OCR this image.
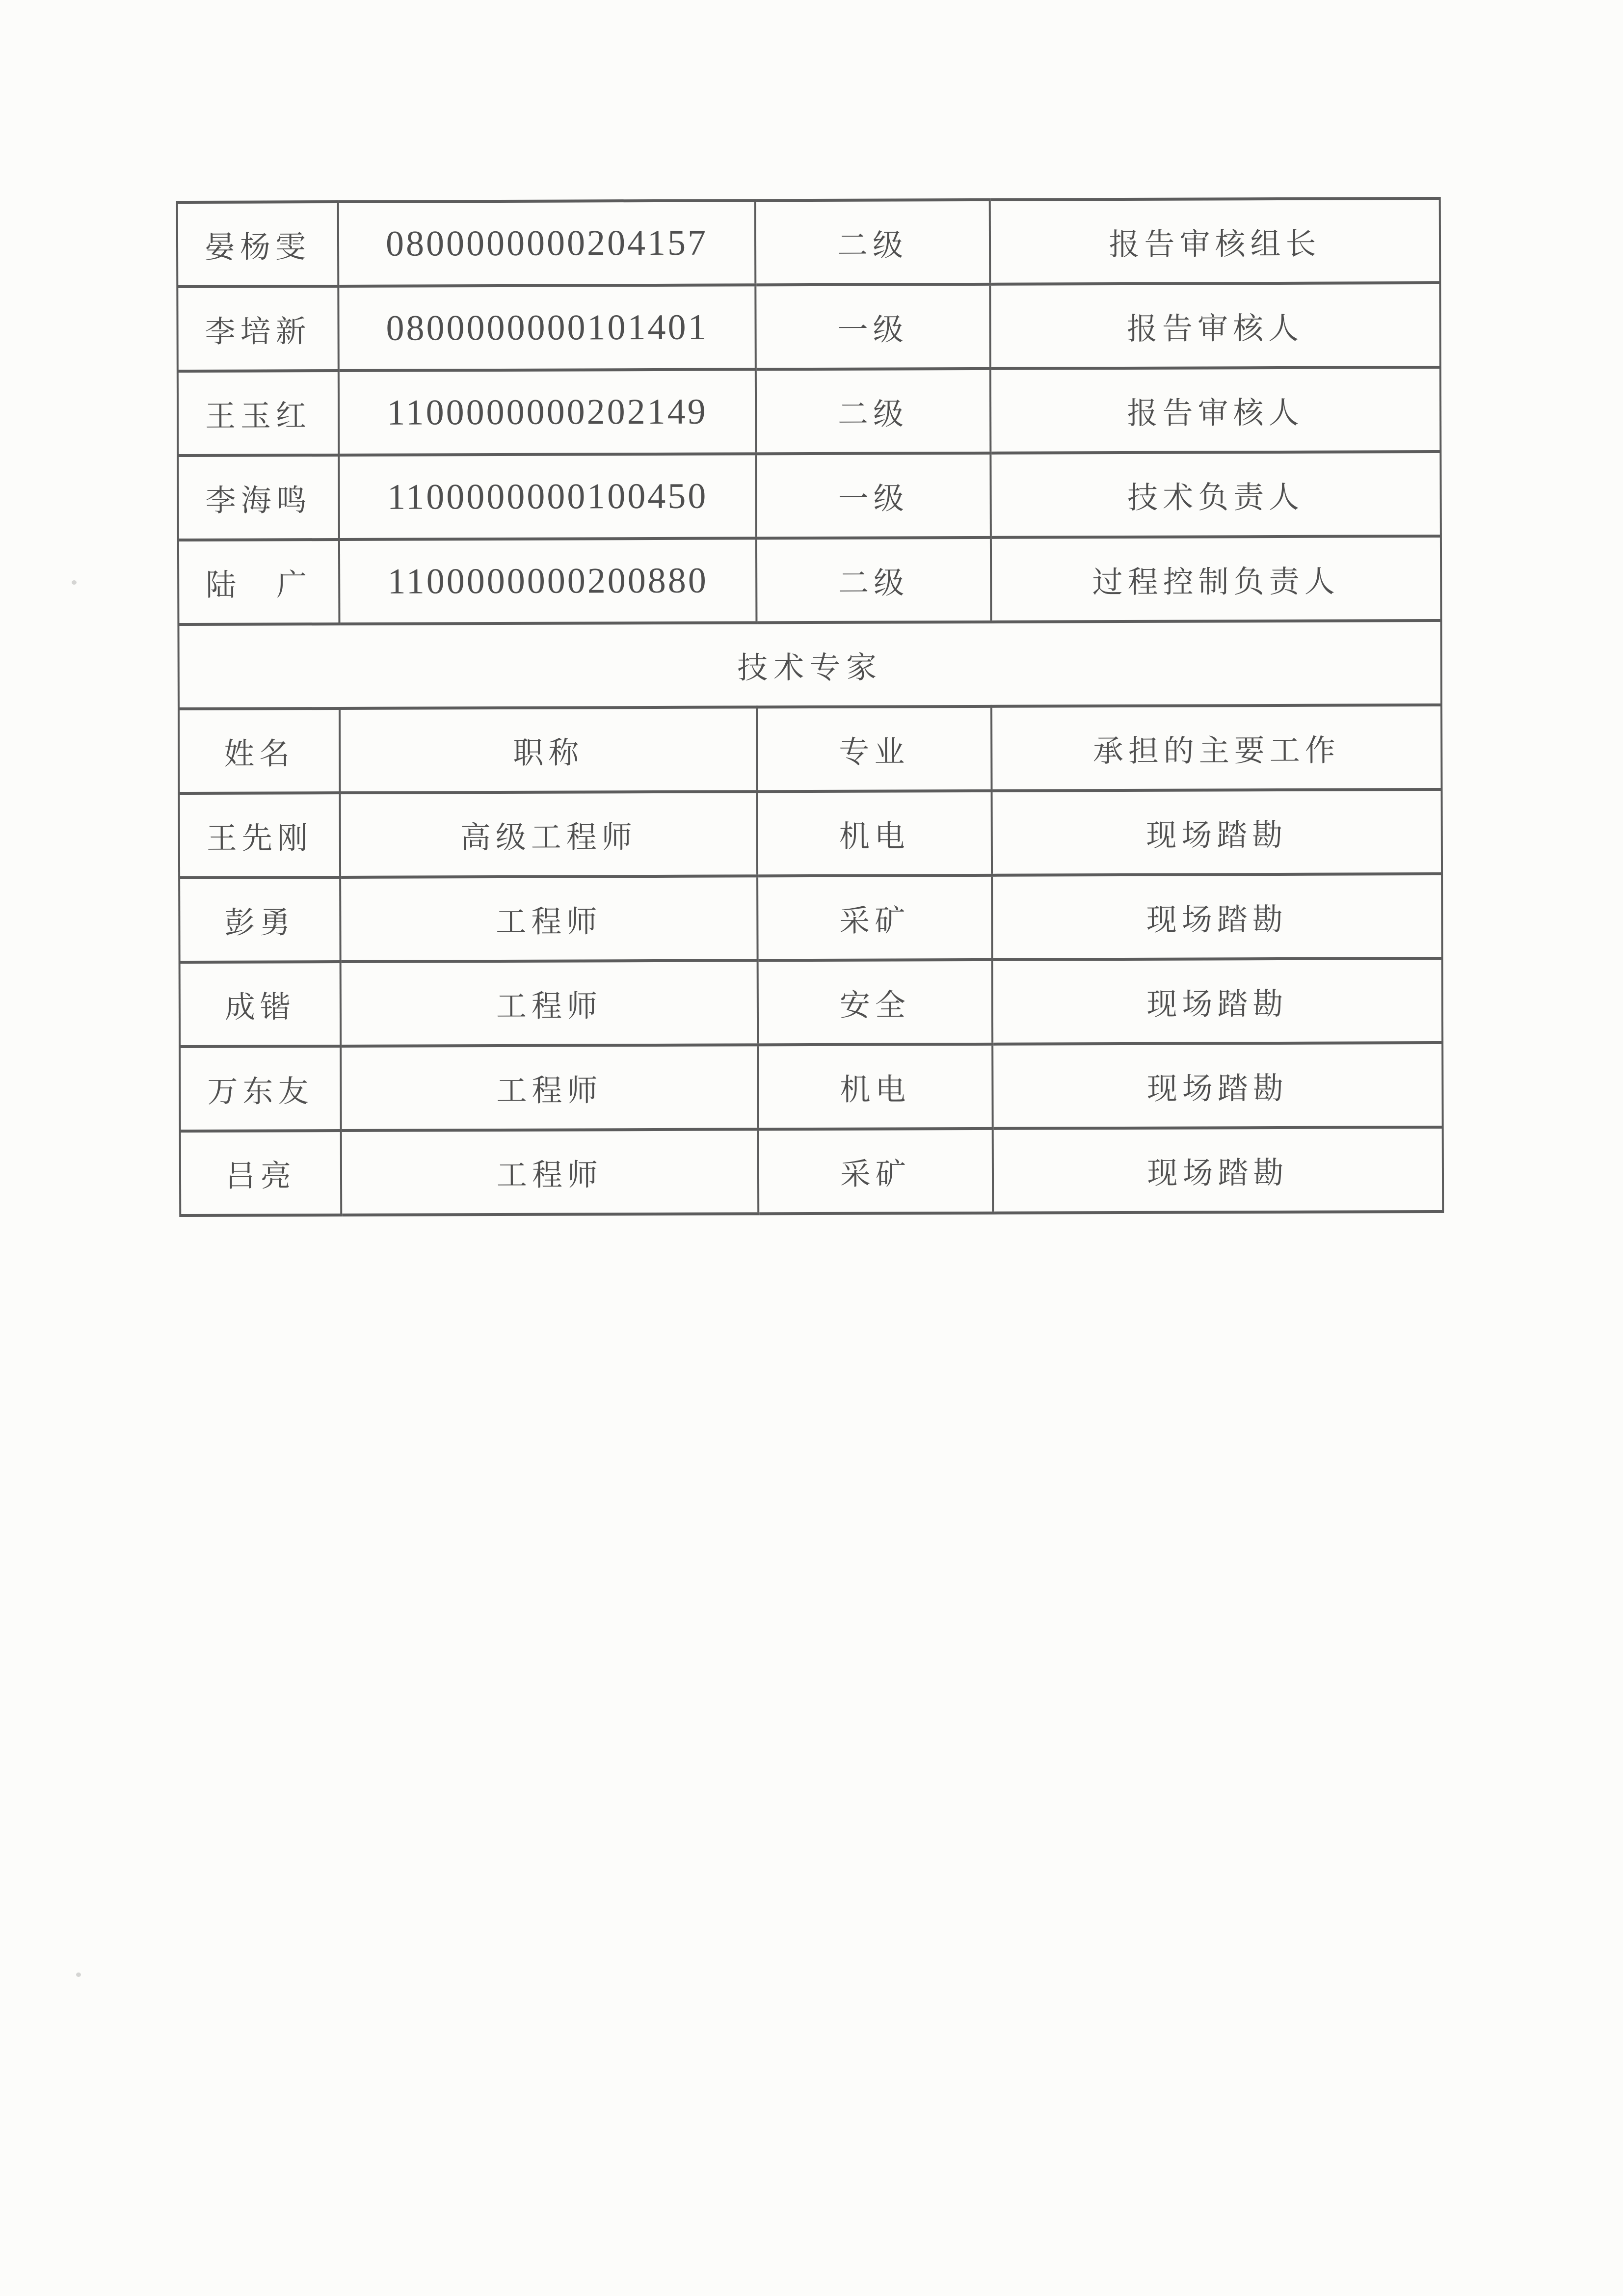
晏杨雯	0800000000204157	二级	报告审核组长
李培新	0800000000101401	一级	报告审核人
王玉红	1100000000202149	二级	报告审核人
李海鸣	1100000000100450	一级	技术负责人
陆　广	1100000000200880	二级	过程控制负责人
技术专家			
姓名	职称	专业	承担的主要工作
王先刚	高级工程师	机电	现场踏勘
彭勇	工程师	采矿	现场踏勘
成锴	工程师	安全	现场踏勘
万东友	工程师	机电	现场踏勘
吕亮	工程师	采矿	现场踏勘
